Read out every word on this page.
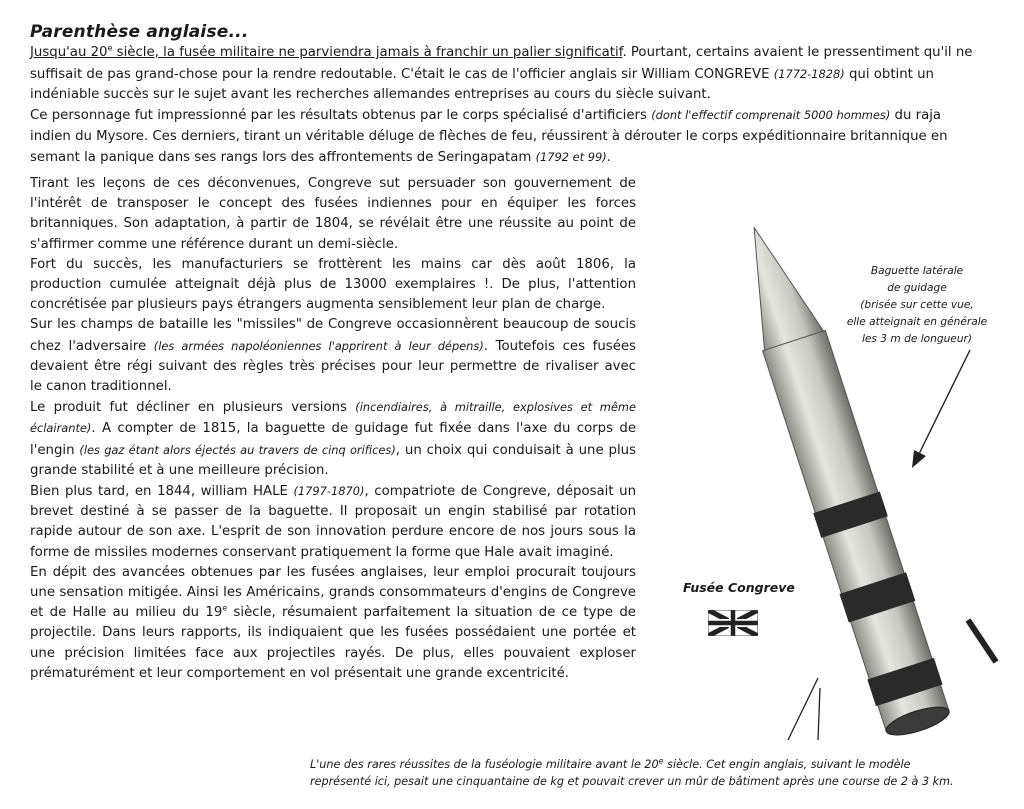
Parenthèse anglaise...
Jusqu'au 20e siècle, la fusée militaire ne parviendra jamais à franchir un palier significatif. Pourtant, certains avaient le pressentiment qu'il ne
suffisait de pas grand-chose pour la rendre redoutable. C'était le cas de l'officier anglais sir William CONGREVE (1772-1828) qui obtint un
indéniable succès sur le sujet avant les recherches allemandes entreprises au cours du siècle suivant.
Ce personnage fut impressionné par les résultats obtenus par le corps spécialisé d'artificiers (dont l'effectif comprenait 5000 hommes) du raja
indien du Mysore. Ces derniers, tirant un véritable déluge de flèches de feu, réussirent à dérouter le corps expéditionnaire britannique en
semant la panique dans ses rangs lors des affrontements de Seringapatam (1792 et 99).
Tirant les leçons de ces déconvenues, Congreve sut persuader son gouvernement de
l'intérêt de transposer le concept des fusées indiennes pour en équiper les forces
britanniques. Son adaptation, à partir de 1804, se révélait être une réussite au point de
s'affirmer comme une référence durant un demi-siècle.
Fort du succès, les manufacturiers se frottèrent les mains car dès août 1806, la
production cumulée atteignait déjà plus de 13000 exemplaires !. De plus, l'attention
concrétisée par plusieurs pays étrangers augmenta sensiblement leur plan de charge.
Sur les champs de bataille les "missiles" de Congreve occasionnèrent beaucoup de soucis
chez l'adversaire (les armées napoléoniennes l'apprirent à leur dépens). Toutefois ces fusées
devaient être régi suivant des règles très précises pour leur permettre de rivaliser avec
le canon traditionnel.
Le produit fut décliner en plusieurs versions (incendiaires, à mitraille, explosives et même
éclairante). A compter de 1815, la baguette de guidage fut fixée dans l'axe du corps de
l'engin (les gaz étant alors éjectés au travers de cinq orifices), un choix qui conduisait à une plus
grande stabilité et à une meilleure précision.
Bien plus tard, en 1844, william HALE (1797-1870), compatriote de Congreve, déposait un
brevet destiné à se passer de la baguette. Il proposait un engin stabilisé par rotation
rapide autour de son axe. L'esprit de son innovation perdure encore de nos jours sous la
forme de missiles modernes conservant pratiquement la forme que Hale avait imaginé.
En dépit des avancées obtenues par les fusées anglaises, leur emploi procurait toujours
une sensation mitigée. Ainsi les Américains, grands consommateurs d'engins de Congreve
et de Halle au milieu du 19e siècle, résumaient parfaitement la situation de ce type de
projectile. Dans leurs rapports, ils indiquaient que les fusées possédaient une portée et
une précision limitées face aux projectiles rayés. De plus, elles pouvaient exploser
prématurément et leur comportement en vol présentait une grande excentricité.
Baguette latérale
de guidage
(brisée sur cette vue,
elle atteignait en générale
les 3 m de longueur)
Fusée Congreve
L'une des rares réussites de la fuséologie militaire avant le 20e siècle. Cet engin anglais, suivant le modèle
représenté ici, pesait une cinquantaine de kg et pouvait crever un mûr de bâtiment après une course de 2 à 3 km.
